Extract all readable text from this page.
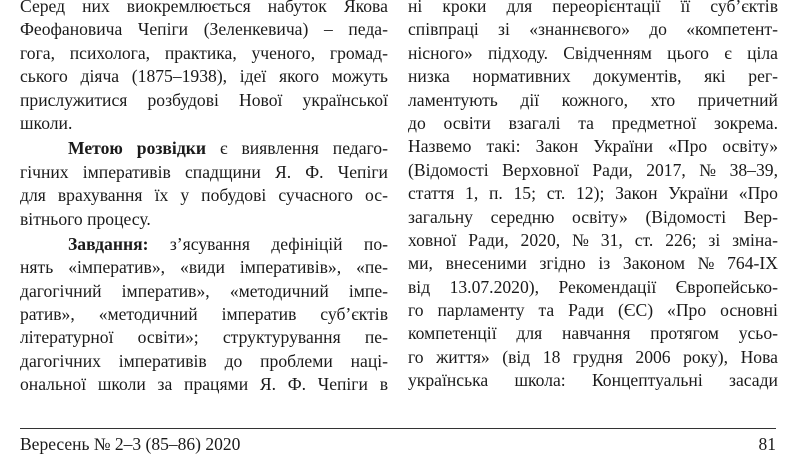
Серед них виокремлюється набуток Якова
Феофановича Чепіги (Зеленкевича) – педа-
гога, психолога, практика, ученого, громад-
ського діяча (1875–1938), ідеї якого можуть
прислужитися розбудові Нової української
школи.
Метою розвідки є виявлення педаго-
гічних імперативів спадщини Я. Ф. Чепіги
для врахування їх у побудові сучасного ос-
вітнього процесу.
Завдання: з’ясування дефініцій по-
нять «імператив», «види імперативів», «пе-
дагогічний імператив», «методичний імпе-
ратив», «методичний імператив суб’єктів
літературної освіти»; структурування пе-
дагогічних імперативів до проблеми наці-
ональної школи за працями Я. Ф. Чепіги в
ні кроки для переорієнтації її суб’єктів
співпраці зі «знаннєвого» до «компетент-
нісного» підходу. Свідченням цього є ціла
низка нормативних документів, які рег-
ламентують дії кожного, хто причетний
до освіти взагалі та предметної зокрема.
Назвемо такі: Закон України «Про освіту»
(Відомості Верховної Ради, 2017, № 38–39,
стаття 1, п. 15; ст. 12); Закон України «Про
загальну середню освіту» (Відомості Вер-
ховної Ради, 2020, № 31, ст. 226; зі зміна-
ми, внесеними згідно із Законом № 764-IX
від 13.07.2020), Рекомендації Європейсько-
го парламенту та Ради (ЄС) «Про основні
компетенції для навчання протягом усьо-
го життя» (від 18 грудня 2006 року), Нова
українська школа: Концептуальні засади
Вересень № 2–3 (85–86) 2020	81
